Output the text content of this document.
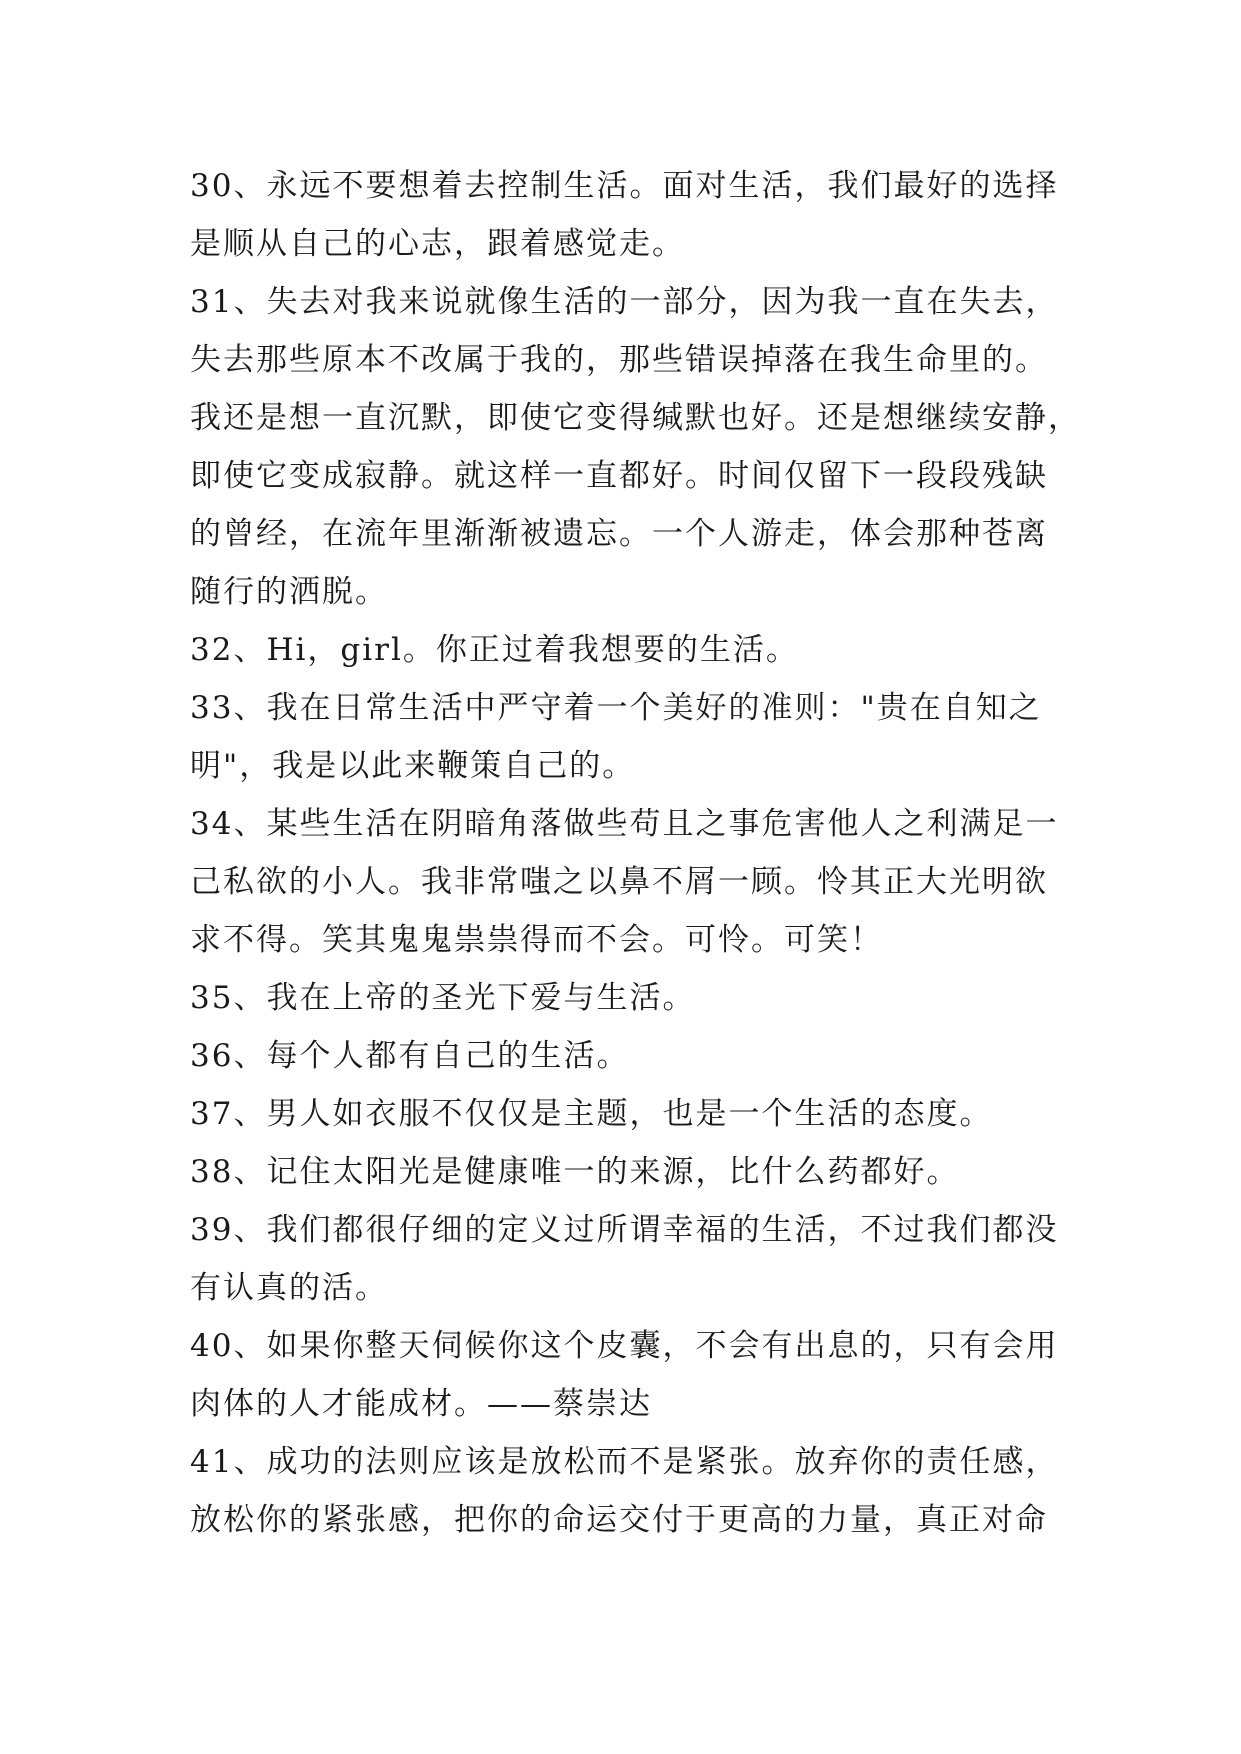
30、永远不要想着去控制生活。面对生活，我们最好的选择
是顺从自己的心志，跟着感觉走。
31、失去对我来说就像生活的一部分，因为我一直在失去，
失去那些原本不改属于我的，那些错误掉落在我生命里的。
我还是想一直沉默，即使它变得缄默也好。还是想继续安静，
即使它变成寂静。就这样一直都好。时间仅留下一段段残缺
的曾经，在流年里渐渐被遗忘。一个人游走，体会那种苍离
随行的洒脱。
32、Hi，girl。你正过着我想要的生活。
33、我在日常生活中严守着一个美好的准则："贵在自知之
明"，我是以此来鞭策自己的。
34、某些生活在阴暗角落做些苟且之事危害他人之利满足一
己私欲的小人。我非常嗤之以鼻不屑一顾。怜其正大光明欲
求不得。笑其鬼鬼祟祟得而不会。可怜。可笑！
35、我在上帝的圣光下爱与生活。
36、每个人都有自己的生活。
37、男人如衣服不仅仅是主题，也是一个生活的态度。
38、记住太阳光是健康唯一的来源，比什么药都好。
39、我们都很仔细的定义过所谓幸福的生活，不过我们都没
有认真的活。
40、如果你整天伺候你这个皮囊，不会有出息的，只有会用
肉体的人才能成材。——蔡崇达
41、成功的法则应该是放松而不是紧张。放弃你的责任感，
放松你的紧张感，把你的命运交付于更高的力量，真正对命
